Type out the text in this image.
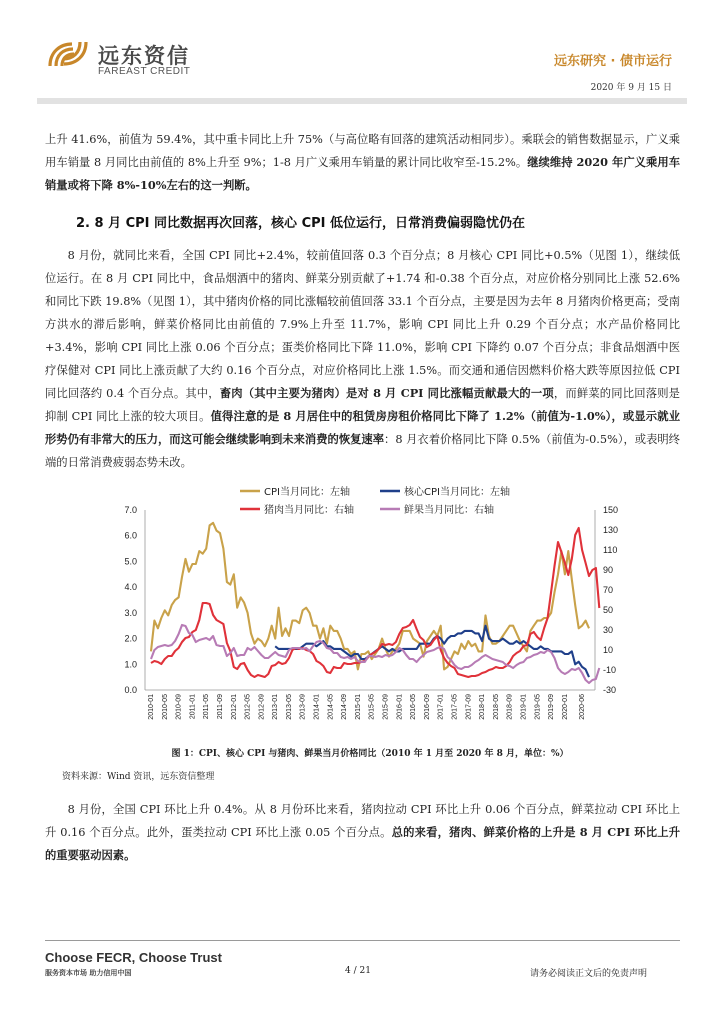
远东资信
FAREAST CREDIT
远东研究 · 债市运行
2020 年 9 月 15 日
上升 41.6%，前值为 59.4%，其中重卡同比上升 75%（与高位略有回落的建筑活动相同步）。乘联会的销售数据显示，广义乘用车销量 8 月同比由前值的 8%上升至 9%；1-8 月广义乘用车销量的累计同比收窄至-15.2%。继续维持 2020 年广义乘用车销量或将下降 8%-10%左右的这一判断。
2. 8 月 CPI 同比数据再次回落，核心 CPI 低位运行，日常消费偏弱隐忧仍在
8 月份，就同比来看，全国 CPI 同比+2.4%，较前值回落 0.3 个百分点；8 月核心 CPI 同比+0.5%（见图 1），继续低位运行。在 8 月 CPI 同比中，食品烟酒中的猪肉、鲜菜分别贡献了+1.74 和-0.38 个百分点，对应价格分别同比上涨 52.6%和同比下跌 19.8%（见图 1），其中猪肉价格的同比涨幅较前值回落 33.1 个百分点，主要是因为去年 8 月猪肉价格更高；受南方洪水的滞后影响，鲜菜价格同比由前值的 7.9%上升至 11.7%，影响 CPI 同比上升 0.29 个百分点；水产品价格同比+3.4%，影响 CPI 同比上涨 0.06 个百分点；蛋类价格同比下降 11.0%，影响 CPI 下降约 0.07 个百分点；非食品烟酒中医疗保健对 CPI 同比上涨贡献了大约 0.16 个百分点，对应价格同比上涨 1.5%。而交通和通信因燃料价格大跌等原因拉低 CPI 同比回落约 0.4 个百分点。其中，畜肉（其中主要为猪肉）是对 8 月 CPI 同比涨幅贡献最大的一项，而鲜菜的同比回落则是抑制 CPI 同比上涨的较大项目。值得注意的是 8 月居住中的租赁房房租价格同比下降了 1.2%（前值为-1.0%），或显示就业形势仍有非常大的压力，而这可能会继续影响到未来消费的恢复速率：8 月衣着价格同比下降 0.5%（前值为-0.5%），或表明终端的日常消费疲弱态势未改。
7.0
6.0
5.0
4.0
3.0
2.0
1.0
0.0
150
130
110
90
70
50
30
10
-10
-30
2010-01 2010-05 2010-09 2011-01 2011-05 2011-09 2012-01 2012-05 2012-09 2013-01 2013-05 2013-09 2014-01 2014-05 2014-09 2015-01 2015-05 2015-09 2016-01 2016-05 2016-09 2017-01 2017-05 2017-09 2018-01 2018-05 2018-09 2019-01 2019-05 2019-09 2020-01 2020-06
CPI当月同比：左轴	核心CPI当月同比：左轴
猪肉当月同比：右轴	鲜果当月同比：右轴
图 1：CPI、核心 CPI 与猪肉、鲜果当月价格同比（2010 年 1 月至 2020 年 8 月，单位：%）
资料来源：Wind 资讯，远东资信整理
8 月份，全国 CPI 环比上升 0.4%。从 8 月份环比来看，猪肉拉动 CPI 环比上升 0.06 个百分点，鲜菜拉动 CPI 环比上升 0.16 个百分点。此外，蛋类拉动 CPI 环比上涨 0.05 个百分点。总的来看，猪肉、鲜菜价格的上升是 8 月 CPI 环比上升的重要驱动因素。
Choose FECR, Choose Trust
服务资本市场 助力信用中国	4 / 21	请务必阅读正文后的免责声明
